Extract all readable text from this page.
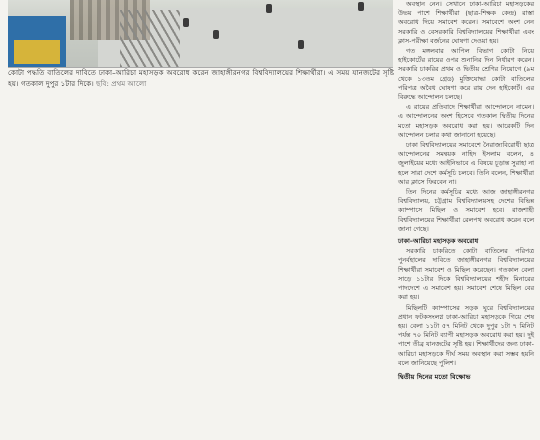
কোটা পদ্ধতি বাতিলের দাবিতে ঢাকা–আরিচা মহাসড়ক অবরোধ করেন জাহাঙ্গীরনগর বিশ্ববিদ্যালয়ের শিক্ষার্থীরা। এ সময় যানজটের সৃষ্টি হয়। গতকাল দুপুর ১টার দিকে। ছবি: প্রথম আলো

অবস্থান নেন। সেখানে ঢাকা-আরিচা মহাসড়কের উভয় পাশে শিক্ষার্থীরা (ছাত্র-শিক্ষক কেন্দ্র) রাস্তা অবরোধ দিয়ে সমাবেশ করেন। সমাবেশে অংশ নেন সরকারি ও বেসরকারি বিশ্ববিদ্যালয়ের শিক্ষার্থীরা এবং ক্লাস-পরীক্ষা বর্জনের ঘোষণা দেওয়া হয়।

গত মঙ্গলবার আপিল বিভাগ কোটা নিয়ে হাইকোর্টের রায়ের ওপর শুনানির দিন নির্ধারণ করেন। সরকারি চাকরির প্রথম ও দ্বিতীয় শ্রেণির নিয়োগে (৯ম থেকে ১৩তম গ্রেড) মুক্তিযোদ্ধা কোটা বাতিলের পরিপত্র অবৈধ ঘোষণা করে রায় দেন হাইকোর্ট। এর বিরুদ্ধে আন্দোলন চলছে।

এ রায়ের প্রতিবাদে শিক্ষার্থীরা আন্দোলনে নামেন। এ আন্দোলনের অংশ হিসেবে গতকাল দ্বিতীয় দিনের মতো মহাসড়ক অবরোধ করা হয়। আরেকটি দিন আন্দোলন চলার কথা জানানো হয়েছে।

ঢাকা বিশ্ববিদ্যালয়ের সমাবেশে নৈরাজ্যবিরোধী ছাত্র আন্দোলনের সমন্বয়ক নাহিদ ইসলাম বলেন, ৪ জুলাইয়ের মধ্যে আইনিভাবে এ বিষয়ে চূড়ান্ত সুরাহা না হলে সারা দেশে কর্মসূচি চলবে। তিনি বলেন, শিক্ষার্থীরা আর ক্লাসে ফিরবেন না।

তিন দিনের কর্মসূচির মধ্যে আজ জাহাঙ্গীরনগর বিশ্ববিদ্যালয়, চট্টগ্রাম বিশ্ববিদ্যালয়সহ দেশের বিভিন্ন ক্যাম্পাসে মিছিল ও সমাবেশ হবে। রাজশাহী বিশ্ববিদ্যালয়ের শিক্ষার্থীরা রেলপথ অবরোধ করেন বলে জানা গেছে।

ঢাকা–আরিচা মহাসড়ক অবরোধ

সরকারি চাকরিতে কোটা বাতিলের পরিপত্র পুনর্বহালের দাবিতে জাহাঙ্গীরনগর বিশ্ববিদ্যালয়ের শিক্ষার্থীরা সমাবেশ ও মিছিল করেছেন। গতকাল বেলা সাড়ে ১১টার দিকে বিশ্ববিদ্যালয়ের শহীদ মিনারের পাদদেশে এ সমাবেশ হয়। সমাবেশ শেষে মিছিল বের করা হয়।

মিছিলটি ক্যাম্পাসের সড়ক ঘুরে বিশ্ববিদ্যালয়ের প্রধান ফটকসংলগ্ন ঢাকা-আরিচা মহাসড়কে গিয়ে শেষ হয়। বেলা ১১টা ৫৭ মিনিট থেকে দুপুর ১টা ৭ মিনিট পর্যন্ত ৭০ মিনিট ব্যাপী মহাসড়ক অবরোধ করা হয়। দুই পাশে তীব্র যানজটের সৃষ্টি হয়। শিক্ষার্থীদের জন্য ঢাকা-আরিচা মহাসড়কে দীর্ঘ সময় অবস্থান করা সম্ভব হয়নি বলে জানিয়েছে পুলিশ।

দ্বিতীয় দিনের মতো বিক্ষোভ
